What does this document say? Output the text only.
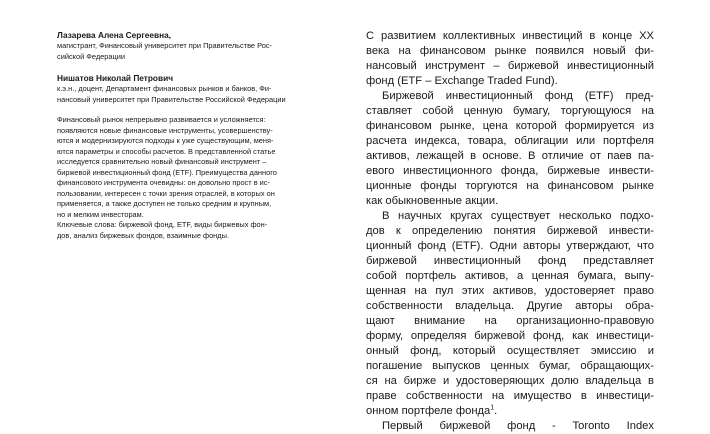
Лазарева Алена Сергеевна,

магистрант, Финансовый университет при Правительстве Рос-
сийской Федерации

Нишатов Николай Петрович

к.э.н., доцент, Департамент финансовых рынков и банков, Фи-
нансовый университет при Правительстве Российской Федерации

Финансовый рынок непрерывно развивается и усложняется:
появляются новые финансовые инструменты, усовершенству-
ются и модернизируются подходы к уже существующим, меня-
ются параметры и способы расчетов. В представленной статье
исследуется сравнительно новый финансовый инструмент –
биржевой инвестиционный фонд (ETF). Преимущества данного
финансового инструмента очевидны: он довольно прост в ис-
пользовании, интересен с точки зрения отраслей, в которых он
применяется, а также доступен не только средним и крупным,
но и мелким инвесторам.

Ключевые слова: биржевой фонд, ETF, виды биржевых фон-
дов, анализ биржевых фондов, взаимные фонды.

С развитием коллективных инвестиций в конце XX
века на финансовом рынке появился новый фи-
нансовый инструмент – биржевой инвестиционный
фонд (ETF – Exchange Traded Fund).
Биржевой инвестиционный фонд (ETF) пред-
ставляет собой ценную бумагу, торгующуюся на
финансовом рынке, цена которой формируется из
расчета индекса, товара, облигации или портфеля
активов, лежащей в основе. В отличие от паев па-
евого инвестиционного фонда, биржевые инвести-
ционные фонды торгуются на финансовом рынке
как обыкновенные акции.
В научных кругах существует несколько подхо-
дов к определению понятия биржевой инвести-
ционный фонд (ETF). Одни авторы утверждают, что
биржевой инвестиционный фонд представляет
собой портфель активов, а ценная бумага, выпу-
щенная на пул этих активов, удостоверяет право
собственности владельца. Другие авторы обра-
щают внимание на организационно-правовую
форму, определяя биржевой фонд, как инвестици-
онный фонд, который осуществляет эмиссию и
погашение выпусков ценных бумаг, обращающих-
ся на бирже и удостоверяющих долю владельца в
праве собственности на имущество в инвестици-
онном портфеле фонда$^1$.
Первый биржевой фонд - Toronto Index
